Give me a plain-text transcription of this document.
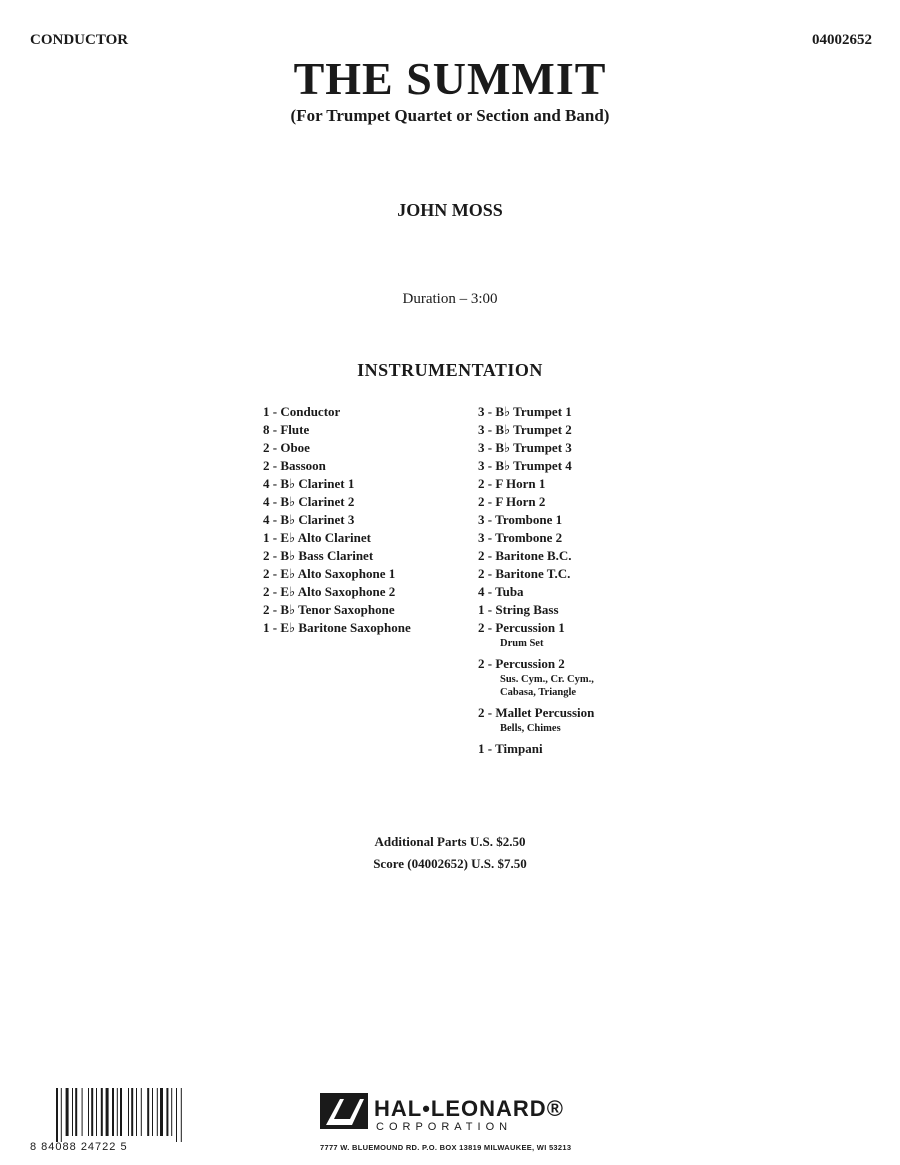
CONDUCTOR	04002652
THE SUMMIT
(For Trumpet Quartet or Section and Band)
JOHN MOSS
Duration – 3:00
INSTRUMENTATION
1 - Conductor
8 - Flute
2 - Oboe
2 - Bassoon
4 - B♭ Clarinet 1
4 - B♭ Clarinet 2
4 - B♭ Clarinet 3
1 - E♭ Alto Clarinet
2 - B♭ Bass Clarinet
2 - E♭ Alto Saxophone 1
2 - E♭ Alto Saxophone 2
2 - B♭ Tenor Saxophone
1 - E♭ Baritone Saxophone
3 - B♭ Trumpet 1
3 - B♭ Trumpet 2
3 - B♭ Trumpet 3
3 - B♭ Trumpet 4
2 - F Horn 1
2 - F Horn 2
3 - Trombone 1
3 - Trombone 2
2 - Baritone B.C.
2 - Baritone T.C.
4 - Tuba
1 - String Bass
2 - Percussion 1
Drum Set
2 - Percussion 2
Sus. Cym., Cr. Cym.,
Cabasa, Triangle
2 - Mallet Percussion
Bells, Chimes
1 - Timpani
Additional Parts U.S. $2.50
Score (04002652) U.S. $7.50
8 84088 24722 5
HAL•LEONARD®
CORPORATION
7777 W. BLUEMOUND RD. P.O. BOX 13819 MILWAUKEE, WI 53213
